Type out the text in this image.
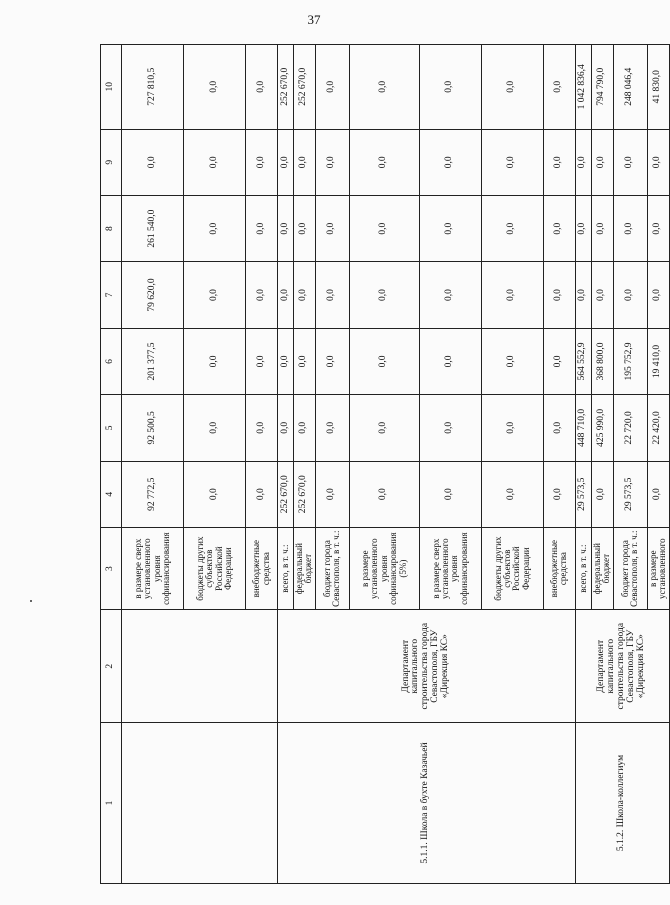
37
1	2	3	4	5	6	7	8	9	10
		в размере сверх установленного уровня софинансирования	92 772,5	92 500,5	201 377,5	79 620,0	261 540,0	0,0	727 810,5
		бюджеты других субъектов Российской Федерации	0,0	0,0	0,0	0,0	0,0	0,0	0,0
		внебюджетные средства	0,0	0,0	0,0	0,0	0,0	0,0	0,0
5.1.1. Школа в бухте Казачьей	Департамент капитального строительства города Севастополя, ГБУ «Дирекция КС»	всего, в т. ч.:	252 670,0	0,0	0,0	0,0	0,0	0,0	252 670,0
		федеральный бюджет	252 670,0	0,0	0,0	0,0	0,0	0,0	252 670,0
		бюджет города Севастополя, в т. ч.:	0,0	0,0	0,0	0,0	0,0	0,0	0,0
		в размере установленного уровня софинансирования (5%)	0,0	0,0	0,0	0,0	0,0	0,0	0,0
		в размере сверх установленного уровня софинансирования	0,0	0,0	0,0	0,0	0,0	0,0	0,0
		бюджеты других субъектов Российской Федерации	0,0	0,0	0,0	0,0	0,0	0,0	0,0
		внебюджетные средства	0,0	0,0	0,0	0,0	0,0	0,0	0,0
5.1.2. Школа-коллегиум	Департамент капитального строительства города Севастополя, ГБУ «Дирекция КС»	всего, в т. ч.:	29 573,5	448 710,0	564 552,9	0,0	0,0	0,0	1 042 836,4
		федеральный бюджет	0,0	425 990,0	368 800,0	0,0	0,0	0,0	794 790,0
		бюджет города Севастополя, в т. ч.:	29 573,5	22 720,0	195 752,9	0,0	0,0	0,0	248 046,4
		в размере установленного	0,0	22 420,0	19 410,0	0,0	0,0	0,0	41 830,0
